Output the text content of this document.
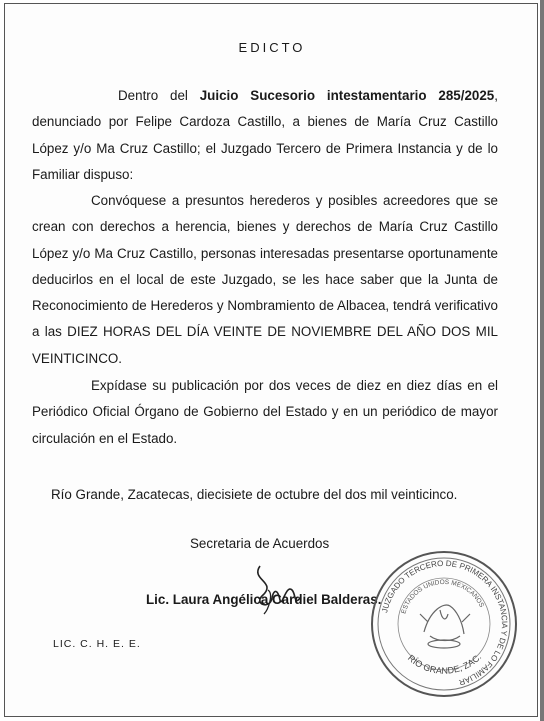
EDICTO
Dentro del Juicio Sucesorio intestamentario 285/2025, denunciado por Felipe Cardoza Castillo, a bienes de María Cruz Castillo López y/o Ma Cruz Castillo; el Juzgado Tercero de Primera Instancia y de lo Familiar dispuso:
Convóquese a presuntos herederos y posibles acreedores que se crean con derechos a herencia, bienes y derechos de María Cruz Castillo López y/o Ma Cruz Castillo, personas interesadas presentarse oportunamente deducirlos en el local de este Juzgado, se les hace saber que la Junta de Reconocimiento de Herederos y Nombramiento de Albacea, tendrá verificativo a las DIEZ HORAS DEL DÍA VEINTE DE NOVIEMBRE DEL AÑO DOS MIL VEINTICINCO.
Expídase su publicación por dos veces de diez en diez días en el Periódico Oficial Órgano de Gobierno del Estado y en un periódico de mayor circulación en el Estado.
Río Grande, Zacatecas, diecisiete de octubre del dos mil veinticinco.
Secretaria de Acuerdos
Lic. Laura Angélica Cardiel Balderas.
LIC. C. H. E. E.
JUZGADO TERCERO DE PRIMERA INSTANCIA Y DE LO FAMILIAR
ESTADOS UNIDOS MEXICANOS
RÍO GRANDE, ZAC.
